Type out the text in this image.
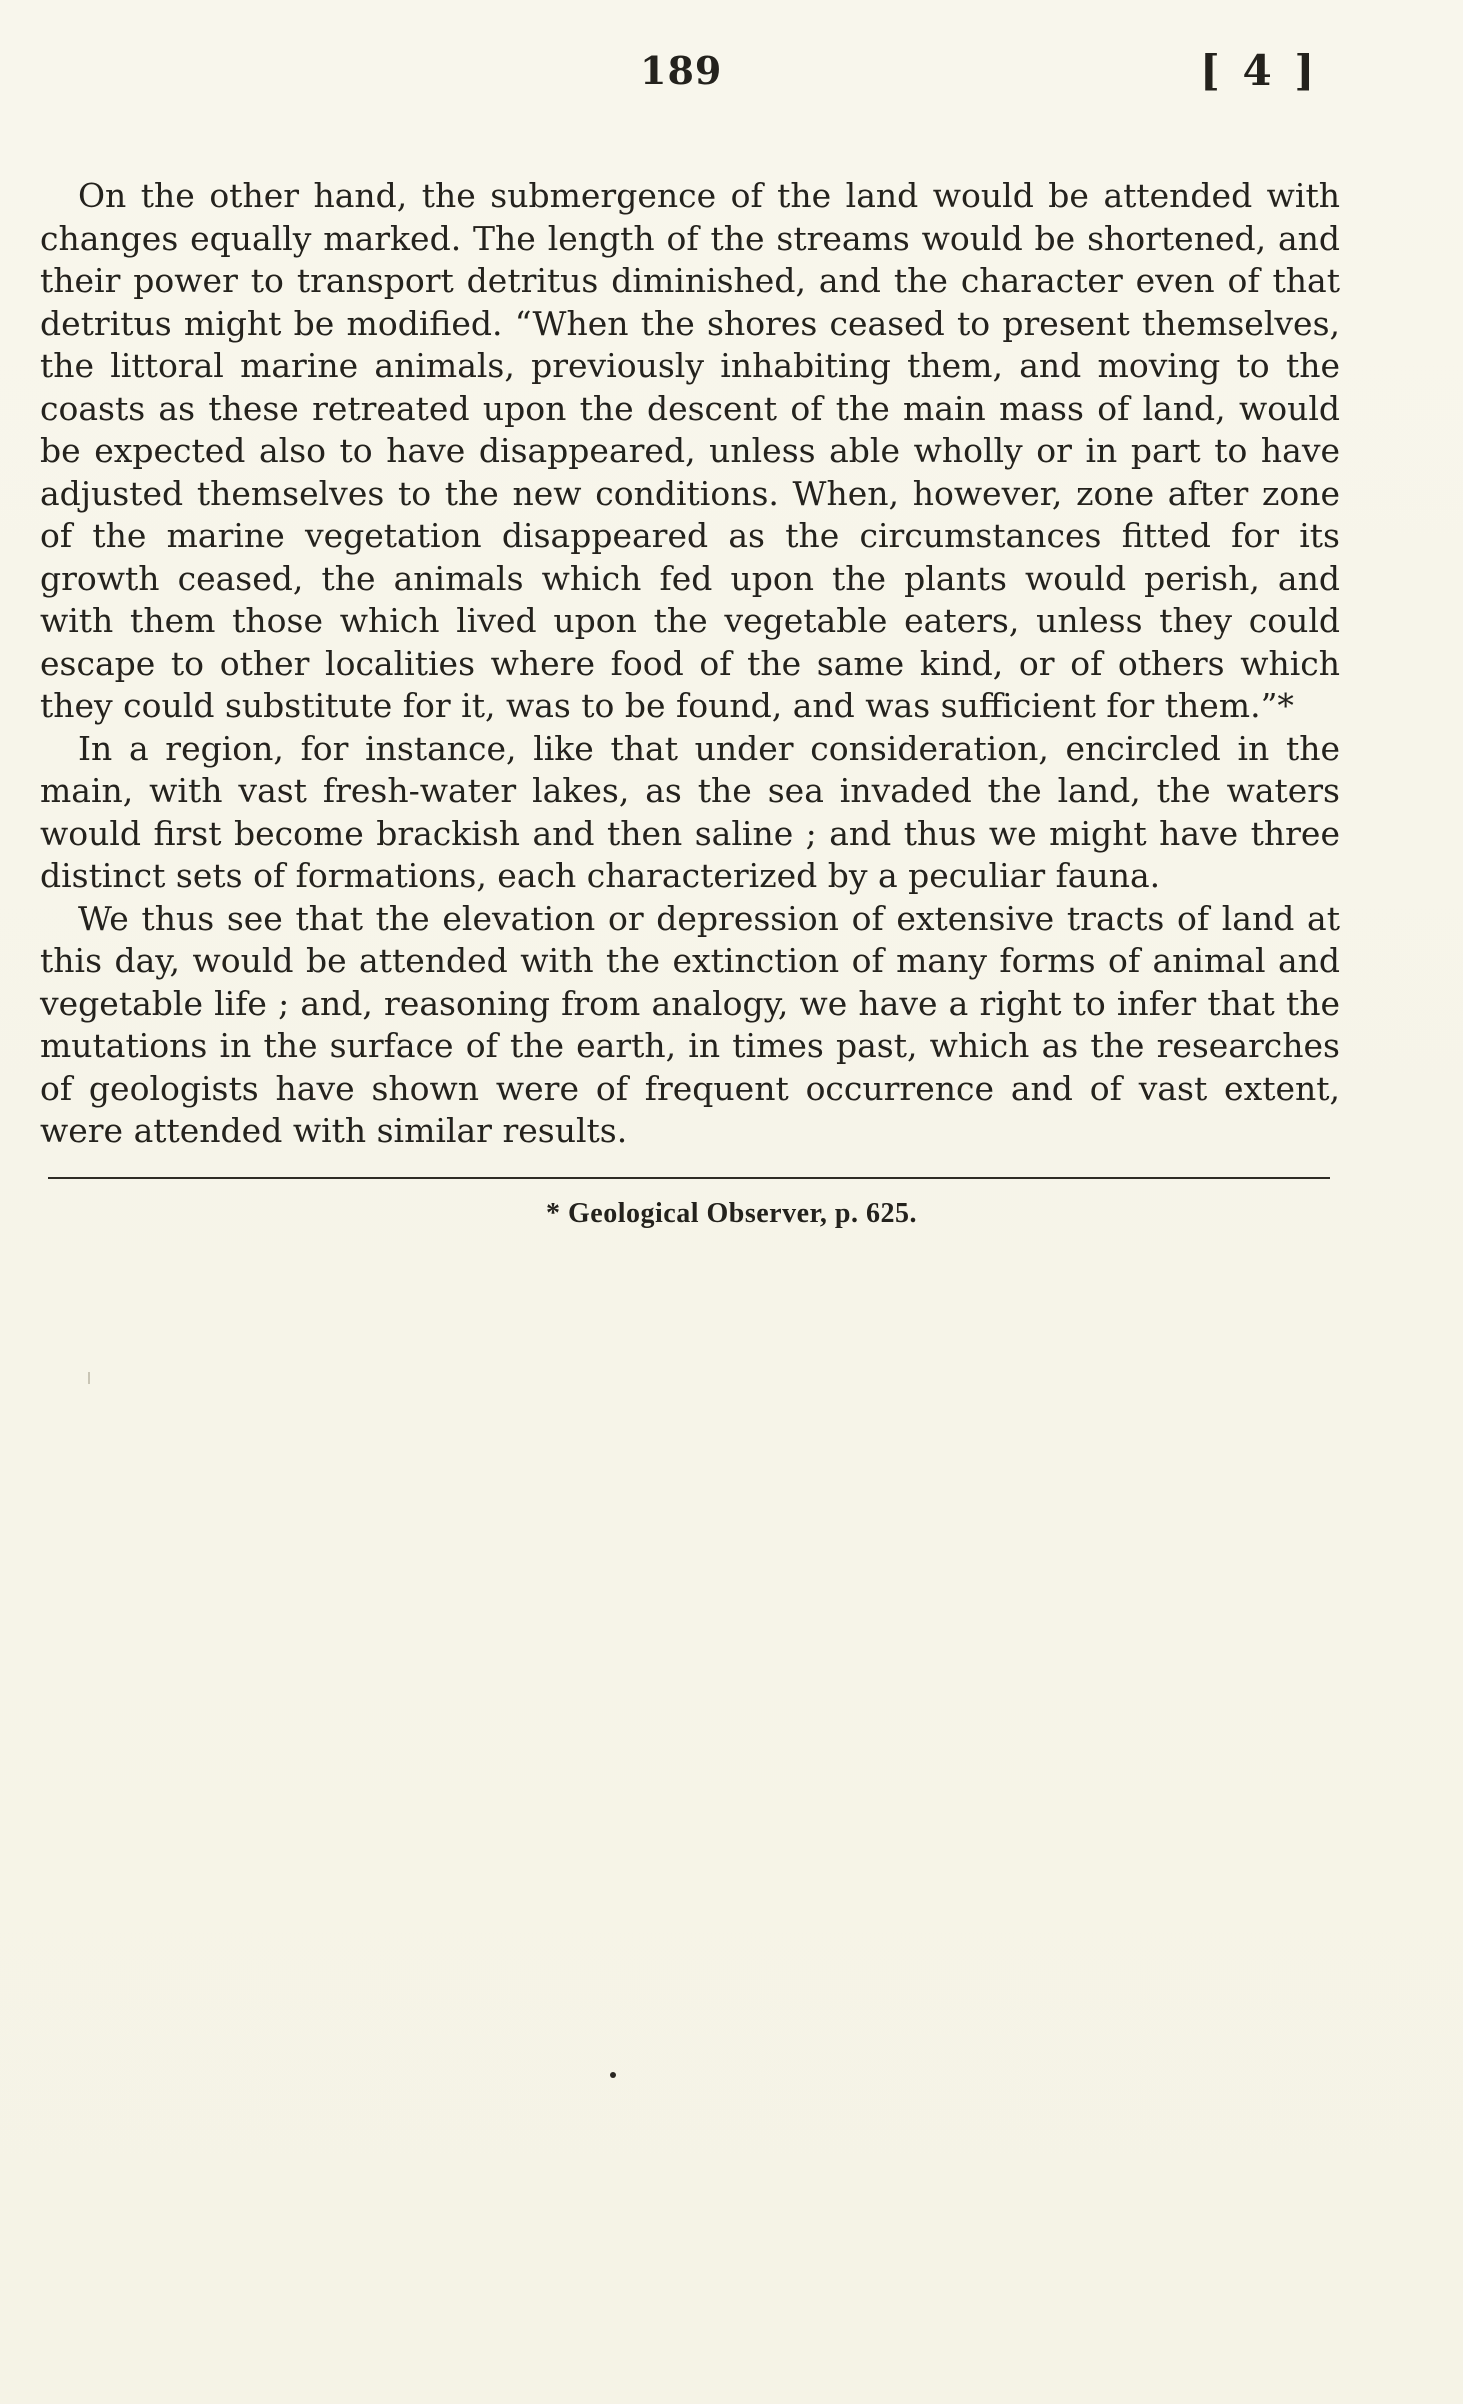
189	[ 4 ]

On the other hand, the submergence of the land would be attended with changes equally marked. The length of the streams would be shortened, and their power to transport detritus diminished, and the character even of that detritus might be modified. “When the shores ceased to present themselves, the littoral marine animals, previously inhabiting them, and moving to the coasts as these retreated upon the descent of the main mass of land, would be expected also to have disappeared, unless able wholly or in part to have adjusted themselves to the new conditions. When, however, zone after zone of the marine vegetation disappeared as the circumstances fitted for its growth ceased, the animals which fed upon the plants would perish, and with them those which lived upon the vegetable eaters, unless they could escape to other localities where food of the same kind, or of others which they could substitute for it, was to be found, and was sufficient for them.”*

In a region, for instance, like that under consideration, encircled in the main, with vast fresh-water lakes, as the sea invaded the land, the waters would first become brackish and then saline ; and thus we might have three distinct sets of formations, each characterized by a peculiar fauna.

We thus see that the elevation or depression of extensive tracts of land at this day, would be attended with the extinction of many forms of animal and vegetable life ; and, reasoning from analogy, we have a right to infer that the mutations in the surface of the earth, in times past, which as the researches of geologists have shown were of frequent occurrence and of vast extent, were attended with similar results.

* Geological Observer, p. 625.
